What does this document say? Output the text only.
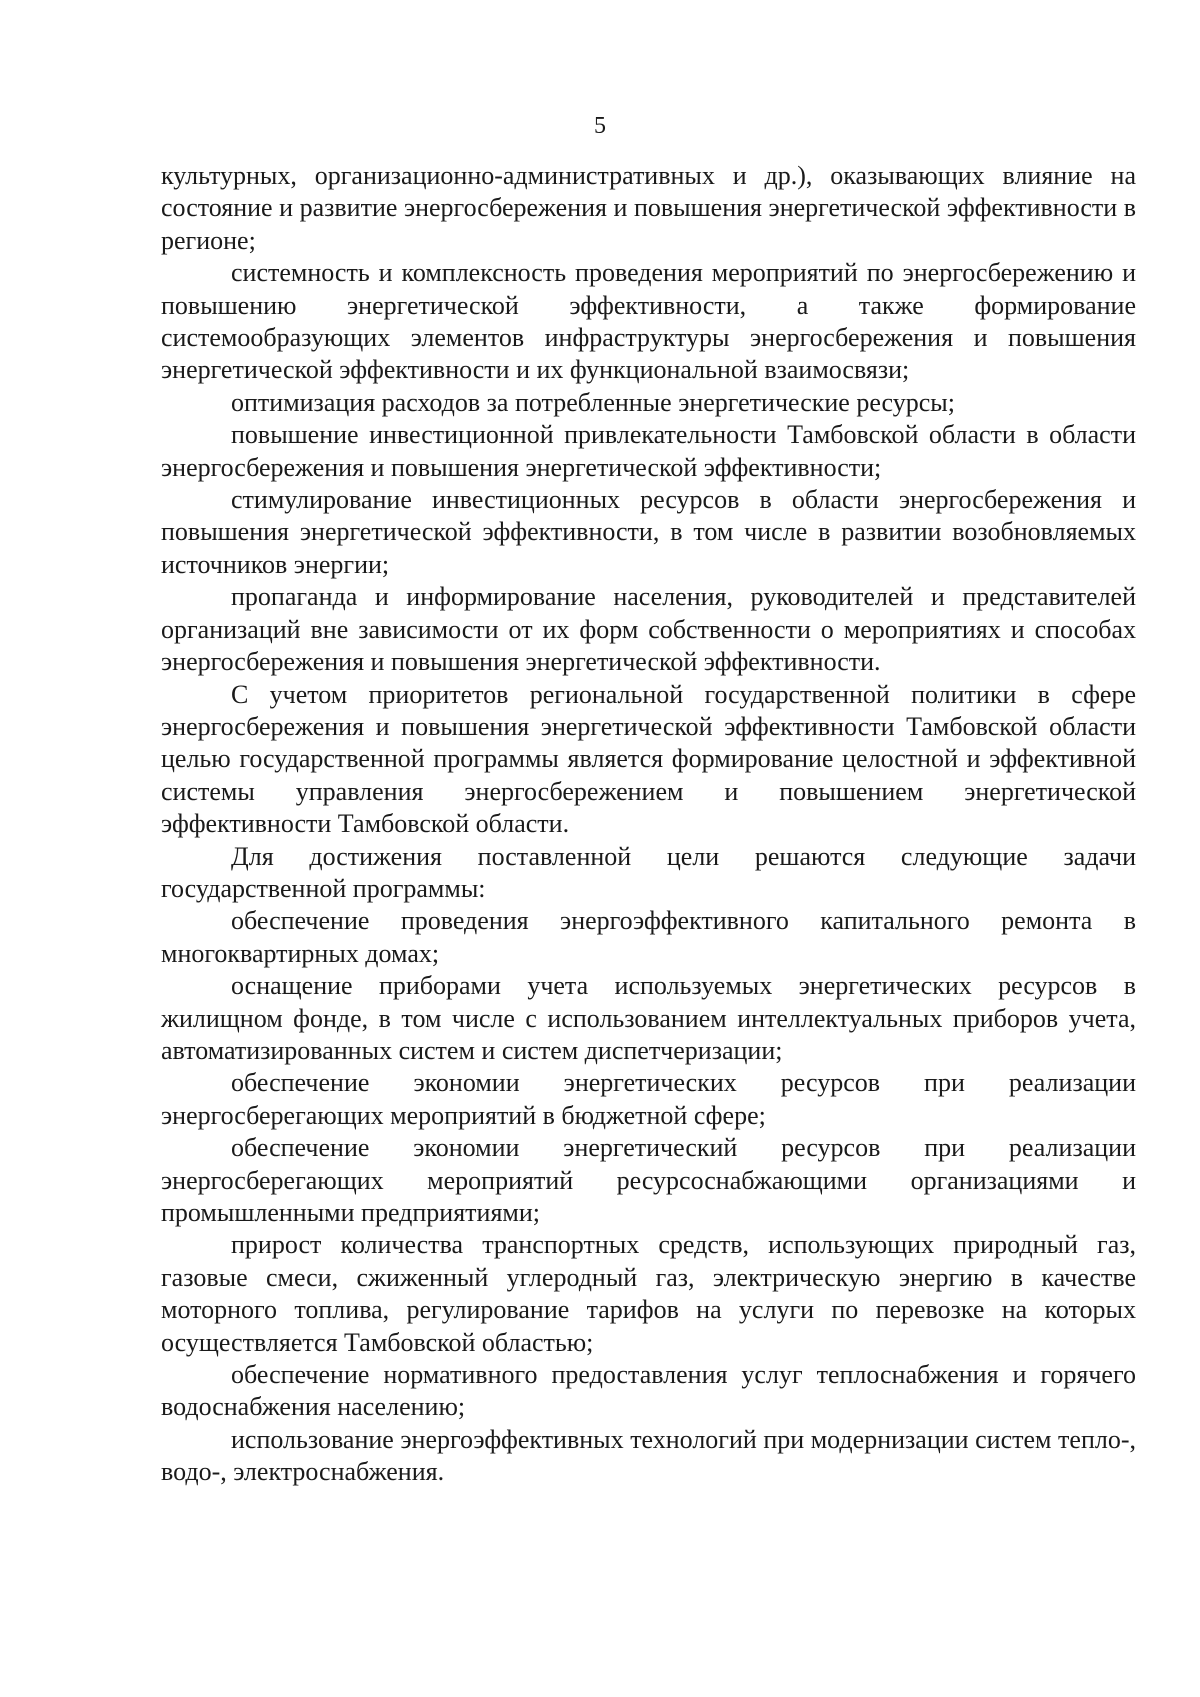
5

культурных, организационно-административных и др.), оказывающих влияние на состояние и развитие энергосбережения и повышения энергетической эффективности в регионе;

системность и комплексность проведения мероприятий по энергосбережению и повышению энергетической эффективности, а также формирование системообразующих элементов инфраструктуры энергосбережения и повышения энергетической эффективности и их функциональной взаимосвязи;

оптимизация расходов за потребленные энергетические ресурсы;

повышение инвестиционной привлекательности Тамбовской области в области энергосбережения и повышения энергетической эффективности;

стимулирование инвестиционных ресурсов в области энергосбережения и повышения энергетической эффективности, в том числе в развитии возобновляемых источников энергии;

пропаганда и информирование населения, руководителей и представителей организаций вне зависимости от их форм собственности о мероприятиях и способах энергосбережения и повышения энергетической эффективности.

С учетом приоритетов региональной государственной политики в сфере энергосбережения и повышения энергетической эффективности Тамбовской области целью государственной программы является формирование целостной и эффективной системы управления энергосбережением и повышением энергетической эффективности Тамбовской области.

Для достижения поставленной цели решаются следующие задачи государственной программы:

обеспечение проведения энергоэффективного капитального ремонта в многоквартирных домах;

оснащение приборами учета используемых энергетических ресурсов в жилищном фонде, в том числе с использованием интеллектуальных приборов учета, автоматизированных систем и систем диспетчеризации;

обеспечение экономии энергетических ресурсов при реализации энергосберегающих мероприятий в бюджетной сфере;

обеспечение экономии энергетический ресурсов при реализации энергосберегающих мероприятий ресурсоснабжающими организациями и промышленными предприятиями;

прирост количества транспортных средств, использующих природный газ, газовые смеси, сжиженный углеродный газ, электрическую энергию в качестве моторного топлива, регулирование тарифов на услуги по перевозке на которых осуществляется Тамбовской областью;

обеспечение нормативного предоставления услуг теплоснабжения и горячего водоснабжения населению;

использование энергоэффективных технологий при модернизации систем тепло-, водо-, электроснабжения.
